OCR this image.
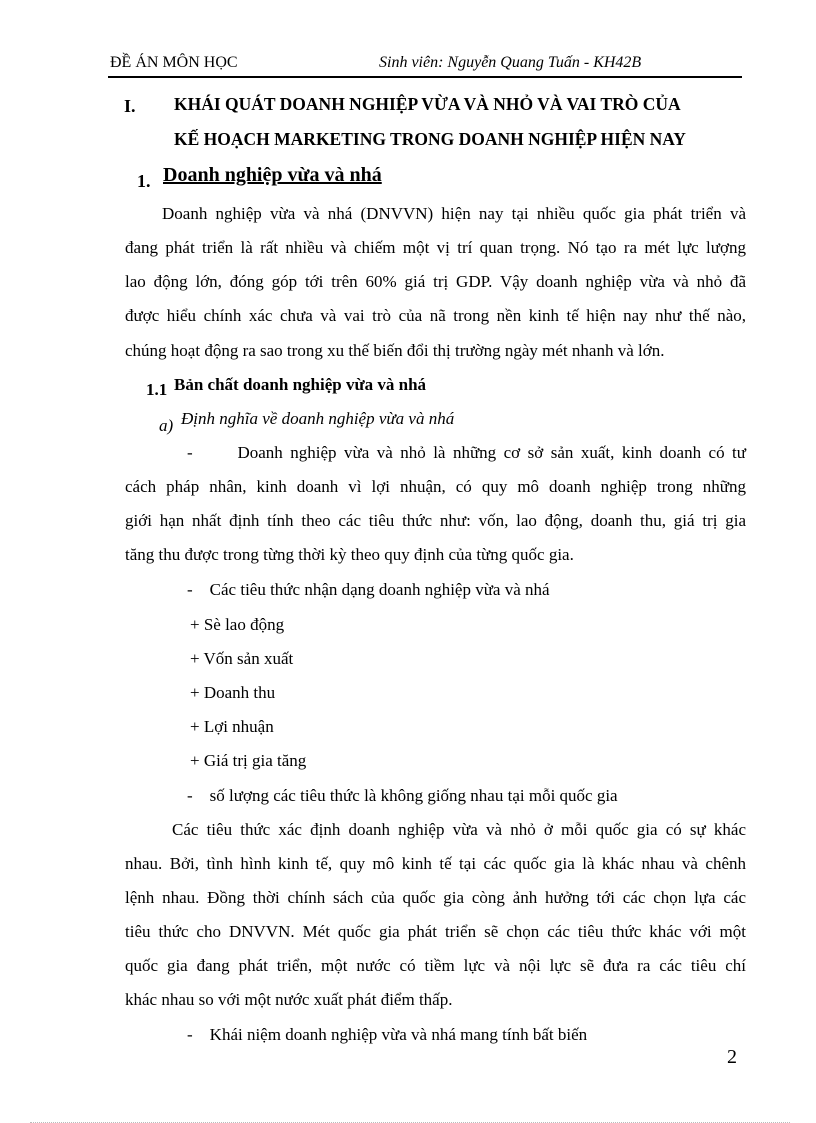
ĐỀ ÁN MÔN HỌC	Sinh viên: Nguyễn Quang Tuấn - KH42B
I. KHÁI QUÁT DOANH NGHIỆP VỪA VÀ NHỎ VÀ VAI TRÒ CỦA
KẾ HOẠCH MARKETING TRONG DOANH NGHIỆP HIỆN NAY
1. Doanh nghiệp vừa và nhá
Doanh nghiệp vừa và nhá (DNVVN) hiện nay tại nhiều quốc gia phát triển và
đang phát triển là rất nhiều và chiếm một vị trí quan trọng. Nó tạo ra mét lực lượng
lao động lớn, đóng góp tới trên 60% giá trị GDP. Vậy doanh nghiệp vừa và nhỏ đã
được hiểu chính xác chưa và vai trò của nã trong nền kinh tế hiện nay như thế nào,
chúng hoạt động ra sao trong xu thế biến đổi thị trường ngày mét nhanh và lớn.
1.1 Bản chất doanh nghiệp vừa và nhá
a) Định nghĩa về doanh nghiệp vừa và nhá
-      Doanh nghiệp vừa và nhỏ là những cơ sở sản xuất, kinh doanh có tư
cách pháp nhân, kinh doanh vì lợi nhuận, có quy mô doanh nghiệp trong những
giới hạn nhất định tính theo các tiêu thức như: vốn, lao động, doanh thu, giá trị gia
tăng thu được trong từng thời kỳ theo quy định của từng quốc gia.
-    Các tiêu thức nhận dạng doanh nghiệp vừa và nhá
+ Sè lao động
+ Vốn sản xuất
+ Doanh thu
+ Lợi nhuận
+ Giá trị gia tăng
-    số lượng các tiêu thức là không giống nhau tại mỗi quốc gia
Các tiêu thức xác định doanh nghiệp vừa và nhỏ ở mỗi quốc gia có sự khác
nhau. Bởi, tình hình kinh tế, quy mô kinh tế tại các quốc gia là khác nhau và chênh
lệnh nhau. Đồng thời chính sách của quốc gia còng ảnh hưởng tới các chọn lựa các
tiêu thức cho DNVVN. Mét quốc gia phát triển sẽ chọn các tiêu thức khác với một
quốc gia đang phát triển, một nước có tiềm lực và nội lực sẽ đưa ra các tiêu chí
khác nhau so với một nước xuất phát điểm thấp.
-    Khái niệm doanh nghiệp vừa và nhá mang tính bất biến
2
